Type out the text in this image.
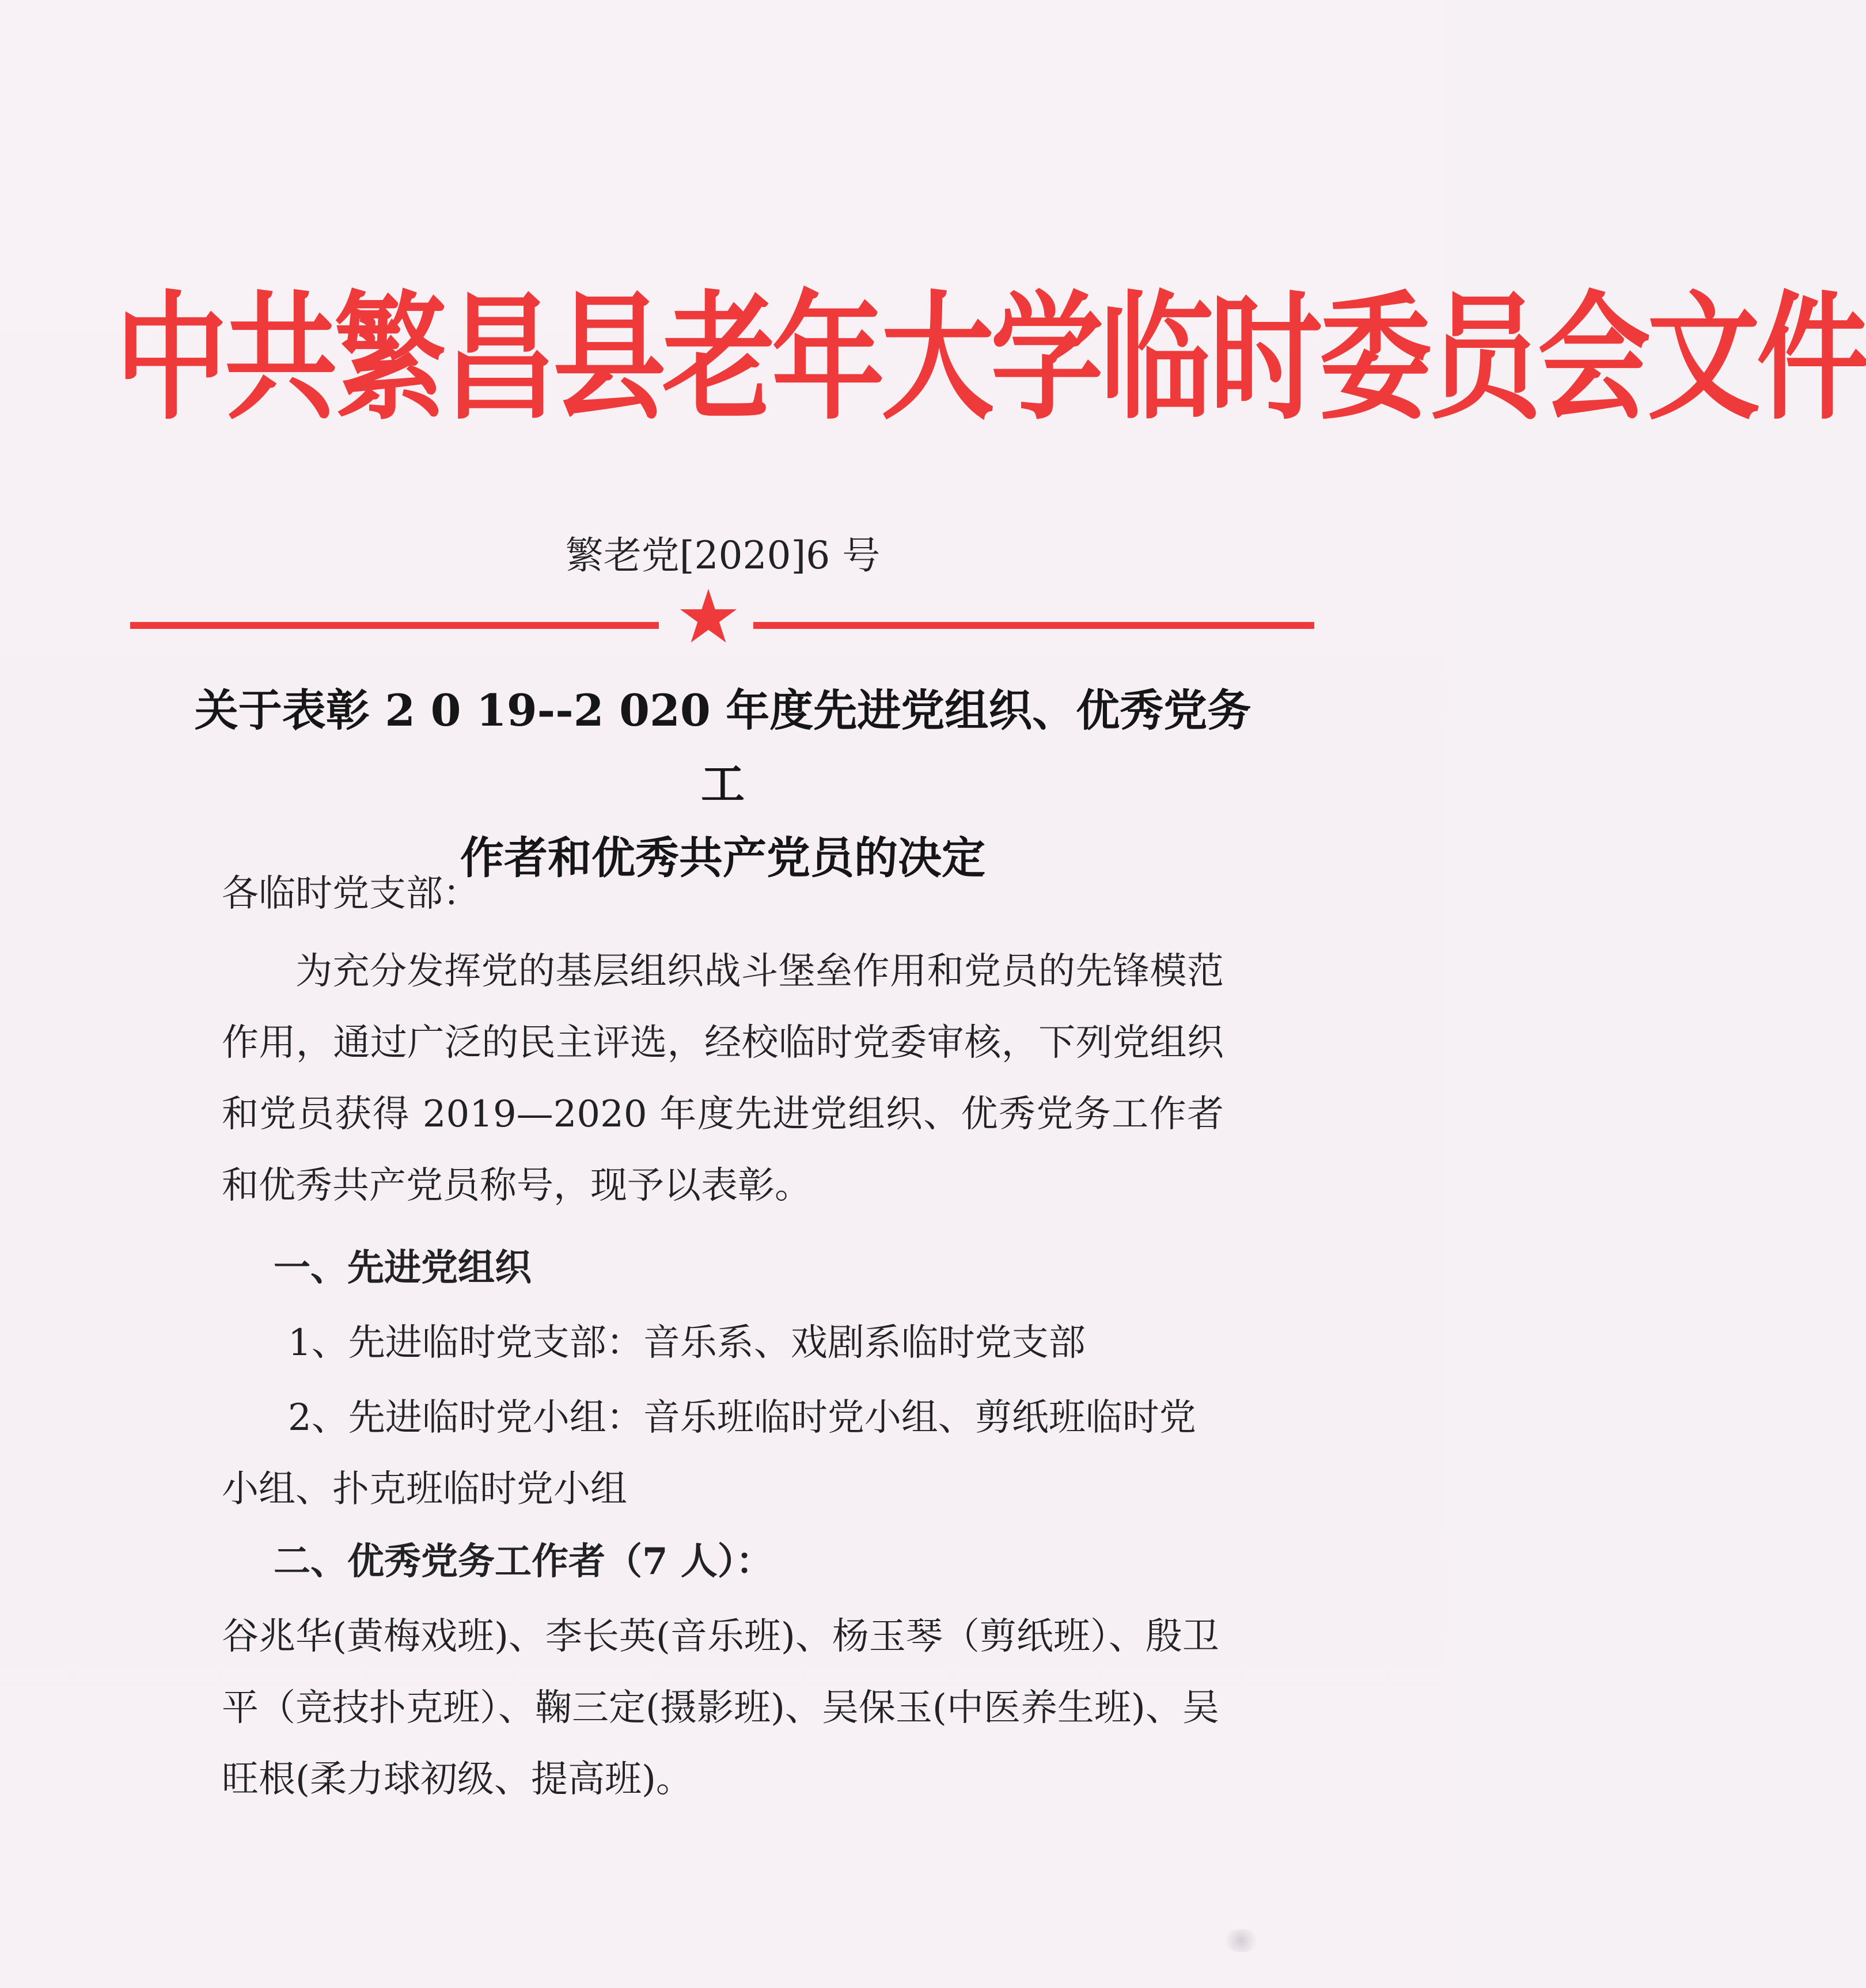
中共繁昌县老年大学临时委员会文件
繁老党[2020]6 号
★
关于表彰 2 0 19--2 020 年度先进党组织、优秀党务工
作者和优秀共产党员的决定
各临时党支部：
为充分发挥党的基层组织战斗堡垒作用和党员的先锋模范作用，通过广泛的民主评选，经校临时党委审核，下列党组织和党员获得 2019—2020 年度先进党组织、优秀党务工作者和优秀共产党员称号，现予以表彰。
一、先进党组织
1、先进临时党支部：音乐系、戏剧系临时党支部
2、先进临时党小组：音乐班临时党小组、剪纸班临时党小组、扑克班临时党小组
二、优秀党务工作者（7 人）：
谷兆华(黄梅戏班)、李长英(音乐班)、杨玉琴（剪纸班）、殷卫平（竞技扑克班）、鞠三定(摄影班)、吴保玉(中医养生班)、吴旺根(柔力球初级、提高班)。
